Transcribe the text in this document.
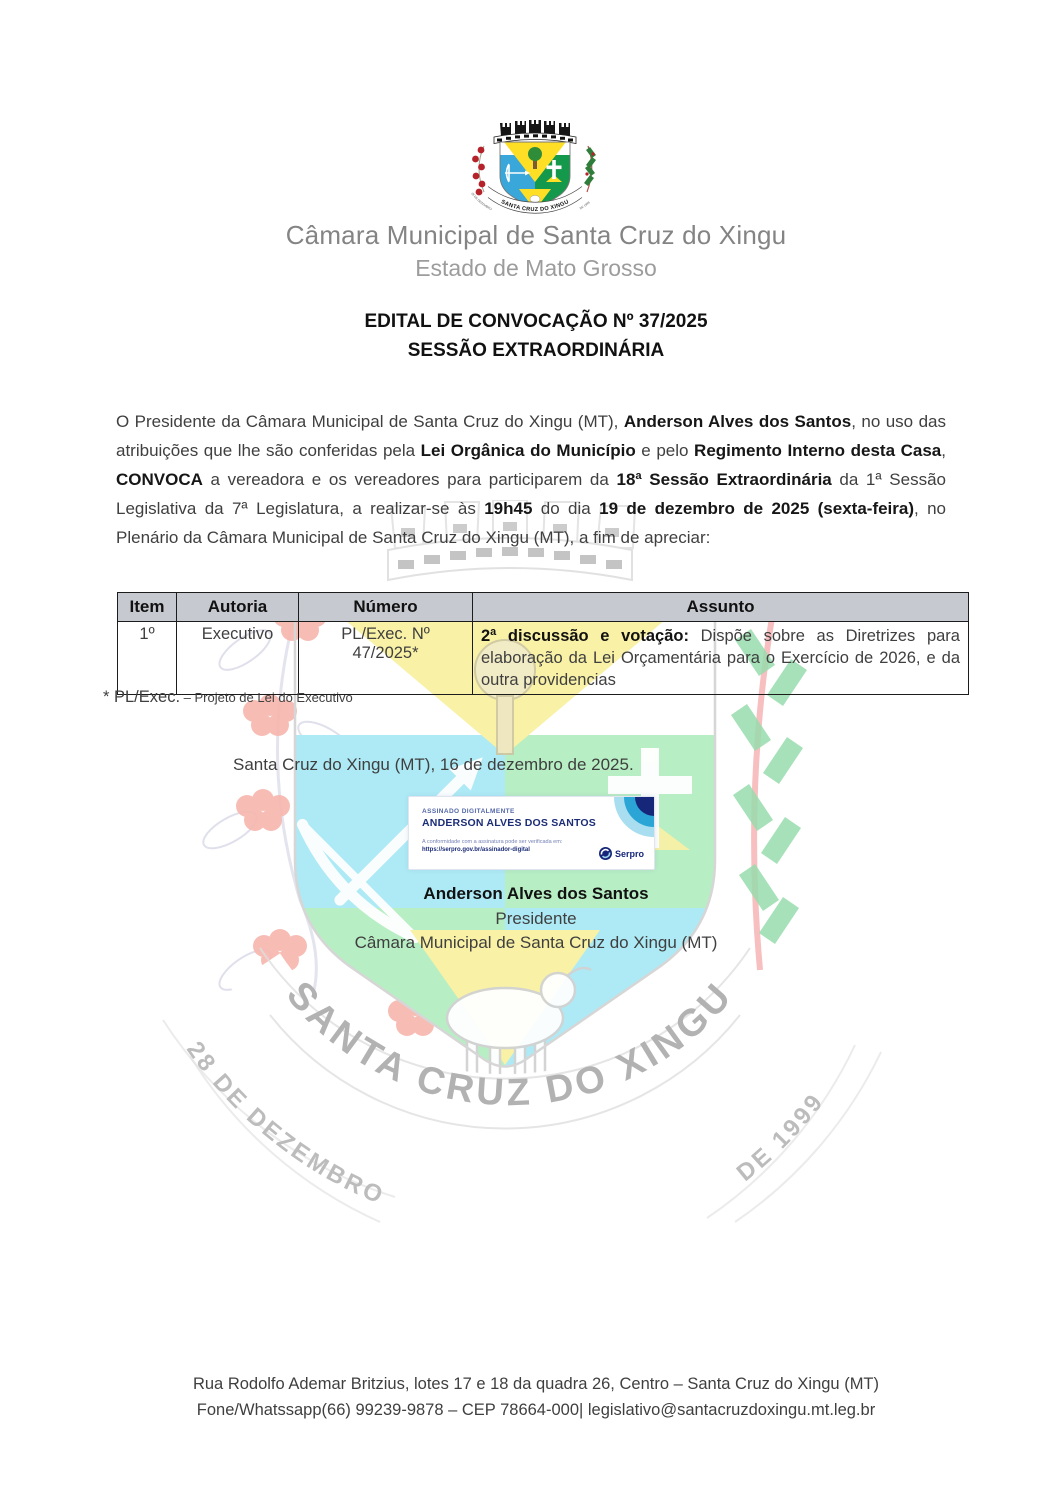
SANTA CRUZ DO XINGU
28 DE DEZEMBRO
DE 1999
SANTA CRUZ DO XINGU
28 DE DEZEMBRO	DE 1999
Câmara Municipal de Santa Cruz do Xingu
Estado de Mato Grosso
EDITAL DE CONVOCAÇÃO Nº 37/2025
SESSÃO EXTRAORDINÁRIA
O Presidente da Câmara Municipal de Santa Cruz do Xingu (MT), Anderson Alves dos Santos, no uso das atribuições que lhe são conferidas pela Lei Orgânica do Município e pelo Regimento Interno desta Casa, CONVOCA a vereadora e os vereadores para participarem da 18ª Sessão Extraordinária da 1ª Sessão Legislativa da 7ª Legislatura, a realizar-se às 19h45 do dia 19 de dezembro de 2025 (sexta-feira), no Plenário da Câmara Municipal de Santa Cruz do Xingu (MT), a fim de apreciar:
Item	Autoria	Número	Assunto
1º	Executivo	PL/Exec. Nº 47/2025*	2ª discussão e votação: Dispõe sobre as Diretrizes para elaboração da Lei Orçamentária para o Exercício de 2026, e da outra providencias
* PL/Exec. – Projeto de Lei do Executivo
Santa Cruz do Xingu (MT), 16 de dezembro de 2025.
ASSINADO DIGITALMENTE
ANDERSON ALVES DOS SANTOS
A conformidade com a assinatura pode ser verificada em:
https://serpro.gov.br/assinador-digital	Serpro
Anderson Alves dos Santos
Presidente
Câmara Municipal de Santa Cruz do Xingu (MT)
Rua Rodolfo Ademar Britzius, lotes 17 e 18 da quadra 26, Centro – Santa Cruz do Xingu (MT)
Fone/Whatssapp(66) 99239-9878 – CEP 78664-000| legislativo@santacruzdoxingu.mt.leg.br
